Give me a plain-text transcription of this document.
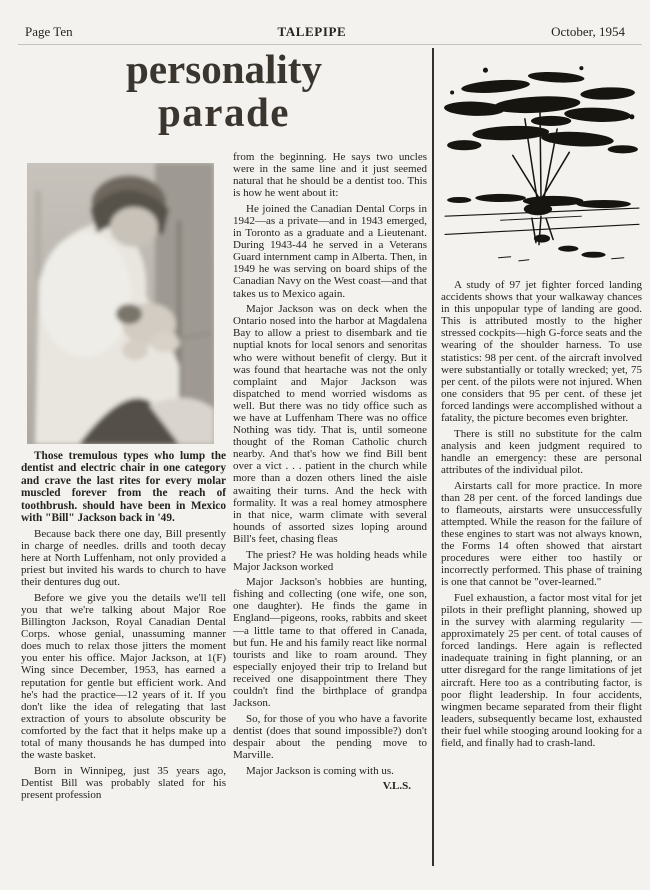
Page Ten	TALEPIPE	October, 1954
personality
parade

Those tremulous types who lump the dentist and electric chair in one category and crave the last rites for every molar muscled forever from the reach of toothbrush. should have been in Mexico with "Bill" Jackson back in '49.

Because back there one day, Bill presently in charge of needles. drills and tooth decay here at North Luffenham, not only provided a priest but invited his wards to church to have their dentures dug out.

Before we give you the details we'll tell you that we're talking about Major Roe Billington Jackson, Royal Canadian Dental Corps. whose genial, unassuming manner does much to relax those jitters the moment you enter his office. Major Jackson, at 1(F) Wing since December, 1953, has earned a reputation for gentle but efficient work. And he's had the practice—12 years of it. If you don't like the idea of relegating that last extraction of yours to absolute obscurity be comforted by the fact that it helps make up a total of many thousands he has dumped into the waste basket.

Born in Winnipeg, just 35 years ago, Dentist Bill was probably slated for his present profession

from the beginning. He says two uncles were in the same line and it just seemed natural that he should be a dentist too. This is how he went about it:

He joined the Canadian Dental Corps in 1942—as a private—and in 1943 emerged, in Toronto as a graduate and a Lieutenant. During 1943-44 he served in a Veterans Guard internment camp in Alberta. Then, in 1949 he was serving on board ships of the Canadian Navy on the West coast—and that takes us to Mexico again.

Major Jackson was on deck when the Ontario nosed into the harbor at Magdalena Bay to allow a priest to disembark and tie nuptial knots for local senors and senoritas who were without benefit of clergy. But it was found that heartache was not the only complaint and Major Jackson was dispatched to mend worried wisdoms as well. But there was no tidy office such as we have at Luffenham There was no office Nothing was tidy. That is, until someone thought of the Roman Catholic church nearby. And that's how we find Bill bent over a vict . . . patient in the church while more than a dozen others lined the aisle awaiting their turns. And the heck with formality. It was a real homey atmosphere in that nice, warm climate with several hounds of assorted sizes loping around Bill's feet, chasing fleas

The priest? He was holding heads while Major Jackson worked

Major Jackson's hobbies are hunting, fishing and collecting (one wife, one son, one daughter). He finds the game in England—pigeons, rooks, rabbits and skeet—a little tame to that offered in Canada, but fun. He and his family react like normal tourists and like to roam around. They especially enjoyed their trip to Ireland but received one disappointment there They couldn't find the birthplace of grandpa Jackson.

So, for those of you who have a favorite dentist (does that sound impossible?) don't despair about the pending move to Marville.

Major Jackson is coming with us.

V.L.S.

A study of 97 jet fighter forced landing accidents shows that your walkaway chances in this unpopular type of landing are good. This is attributed mostly to the higher stressed cockpits—high G-force seats and the wearing of the shoulder harness. To use statistics: 98 per cent. of the aircraft involved were substantially or totally wrecked; yet, 75 per cent. of the pilots were not injured. When one considers that 95 per cent. of these jet forced landings were accomplished without a fatality, the picture becomes even brighter.

There is still no substitute for the calm analysis and keen judgment required to handle an emergency: these are personal attributes of the individual pilot.

Airstarts call for more practice. In more than 28 per cent. of the forced landings due to flameouts, airstarts were unsuccessfully attempted. While the reason for the failure of these engines to start was not always known, the Forms 14 often showed that airstart procedures were either too hastily or incorrectly performed. This phase of training is one that cannot be "over-learned."

Fuel exhaustion, a factor most vital for jet pilots in their preflight planning, showed up in the survey with alarming regularity — approximately 25 per cent. of total causes of forced landings. Here again is reflected inadequate training in fight planning, or an utter disregard for the range limitations of jet aircraft. Here too as a contributing factor, is poor flight leadership. In four accidents, wingmen became separated from their flight leaders, subsequently became lost, exhausted their fuel while stooging around looking for a field, and finally had to crash-land.
